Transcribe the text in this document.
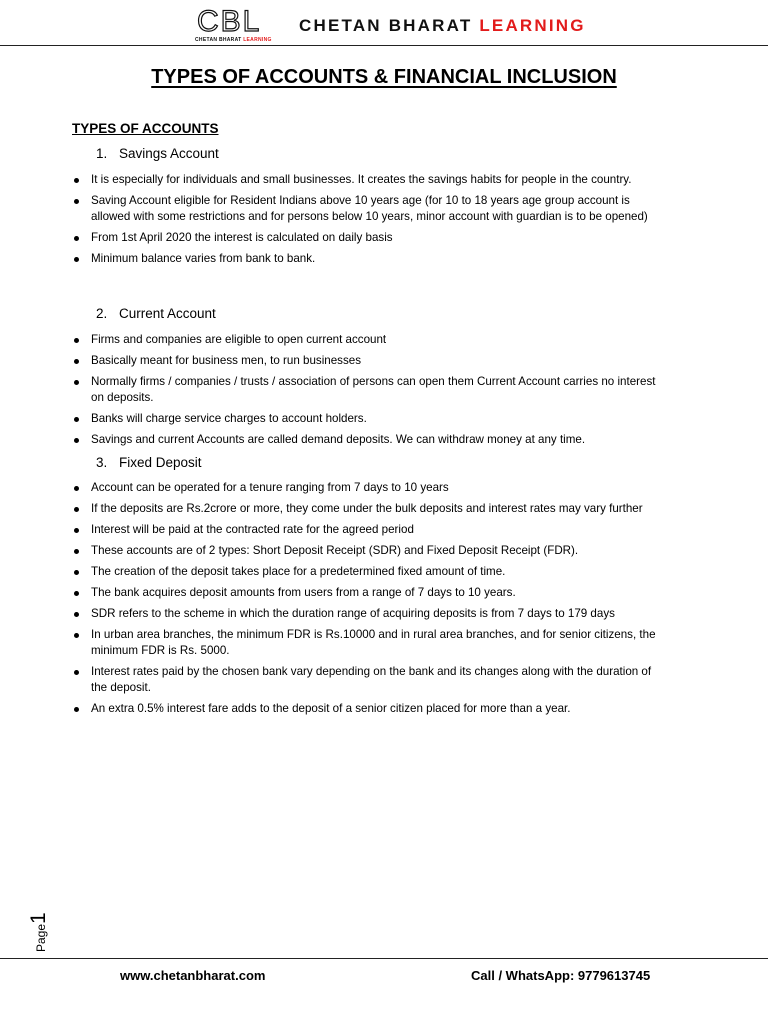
CBL
CHETAN BHARAT LEARNING
CHETAN BHARAT LEARNING
TYPES OF ACCOUNTS & FINANCIAL INCLUSION
TYPES OF ACCOUNTS
1. Savings Account
It is especially for individuals and small businesses. It creates the savings habits for people in the country.
Saving Account eligible for Resident Indians above 10 years age (for 10 to 18 years age group account is allowed with some restrictions and for persons below 10 years, minor account with guardian is to be opened)
From 1st April 2020 the interest is calculated on daily basis
Minimum balance varies from bank to bank.
2. Current Account
Firms and companies are eligible to open current account
Basically meant for business men, to run businesses
Normally firms / companies / trusts / association of persons can open them Current Account carries no interest on deposits.
Banks will charge service charges to account holders.
Savings and current Accounts are called demand deposits. We can withdraw money at any time.
3. Fixed Deposit
Account can be operated for a tenure ranging from 7 days to 10 years
If the deposits are Rs.2crore or more, they come under the bulk deposits and interest rates may vary further
Interest will be paid at the contracted rate for the agreed period
These accounts are of 2 types: Short Deposit Receipt (SDR) and Fixed Deposit Receipt (FDR).
The creation of the deposit takes place for a predetermined fixed amount of time.
The bank acquires deposit amounts from users from a range of 7 days to 10 years.
SDR refers to the scheme in which the duration range of acquiring deposits is from 7 days to 179 days
In urban area branches, the minimum FDR is Rs.10000 and in rural area branches, and for senior citizens, the minimum FDR is Rs. 5000.
Interest rates paid by the chosen bank vary depending on the bank and its changes along with the duration of the deposit.
An extra 0.5% interest fare adds to the deposit of a senior citizen placed for more than a year.
Page1
www.chetanbharat.com	Call / WhatsApp: 9779613745
